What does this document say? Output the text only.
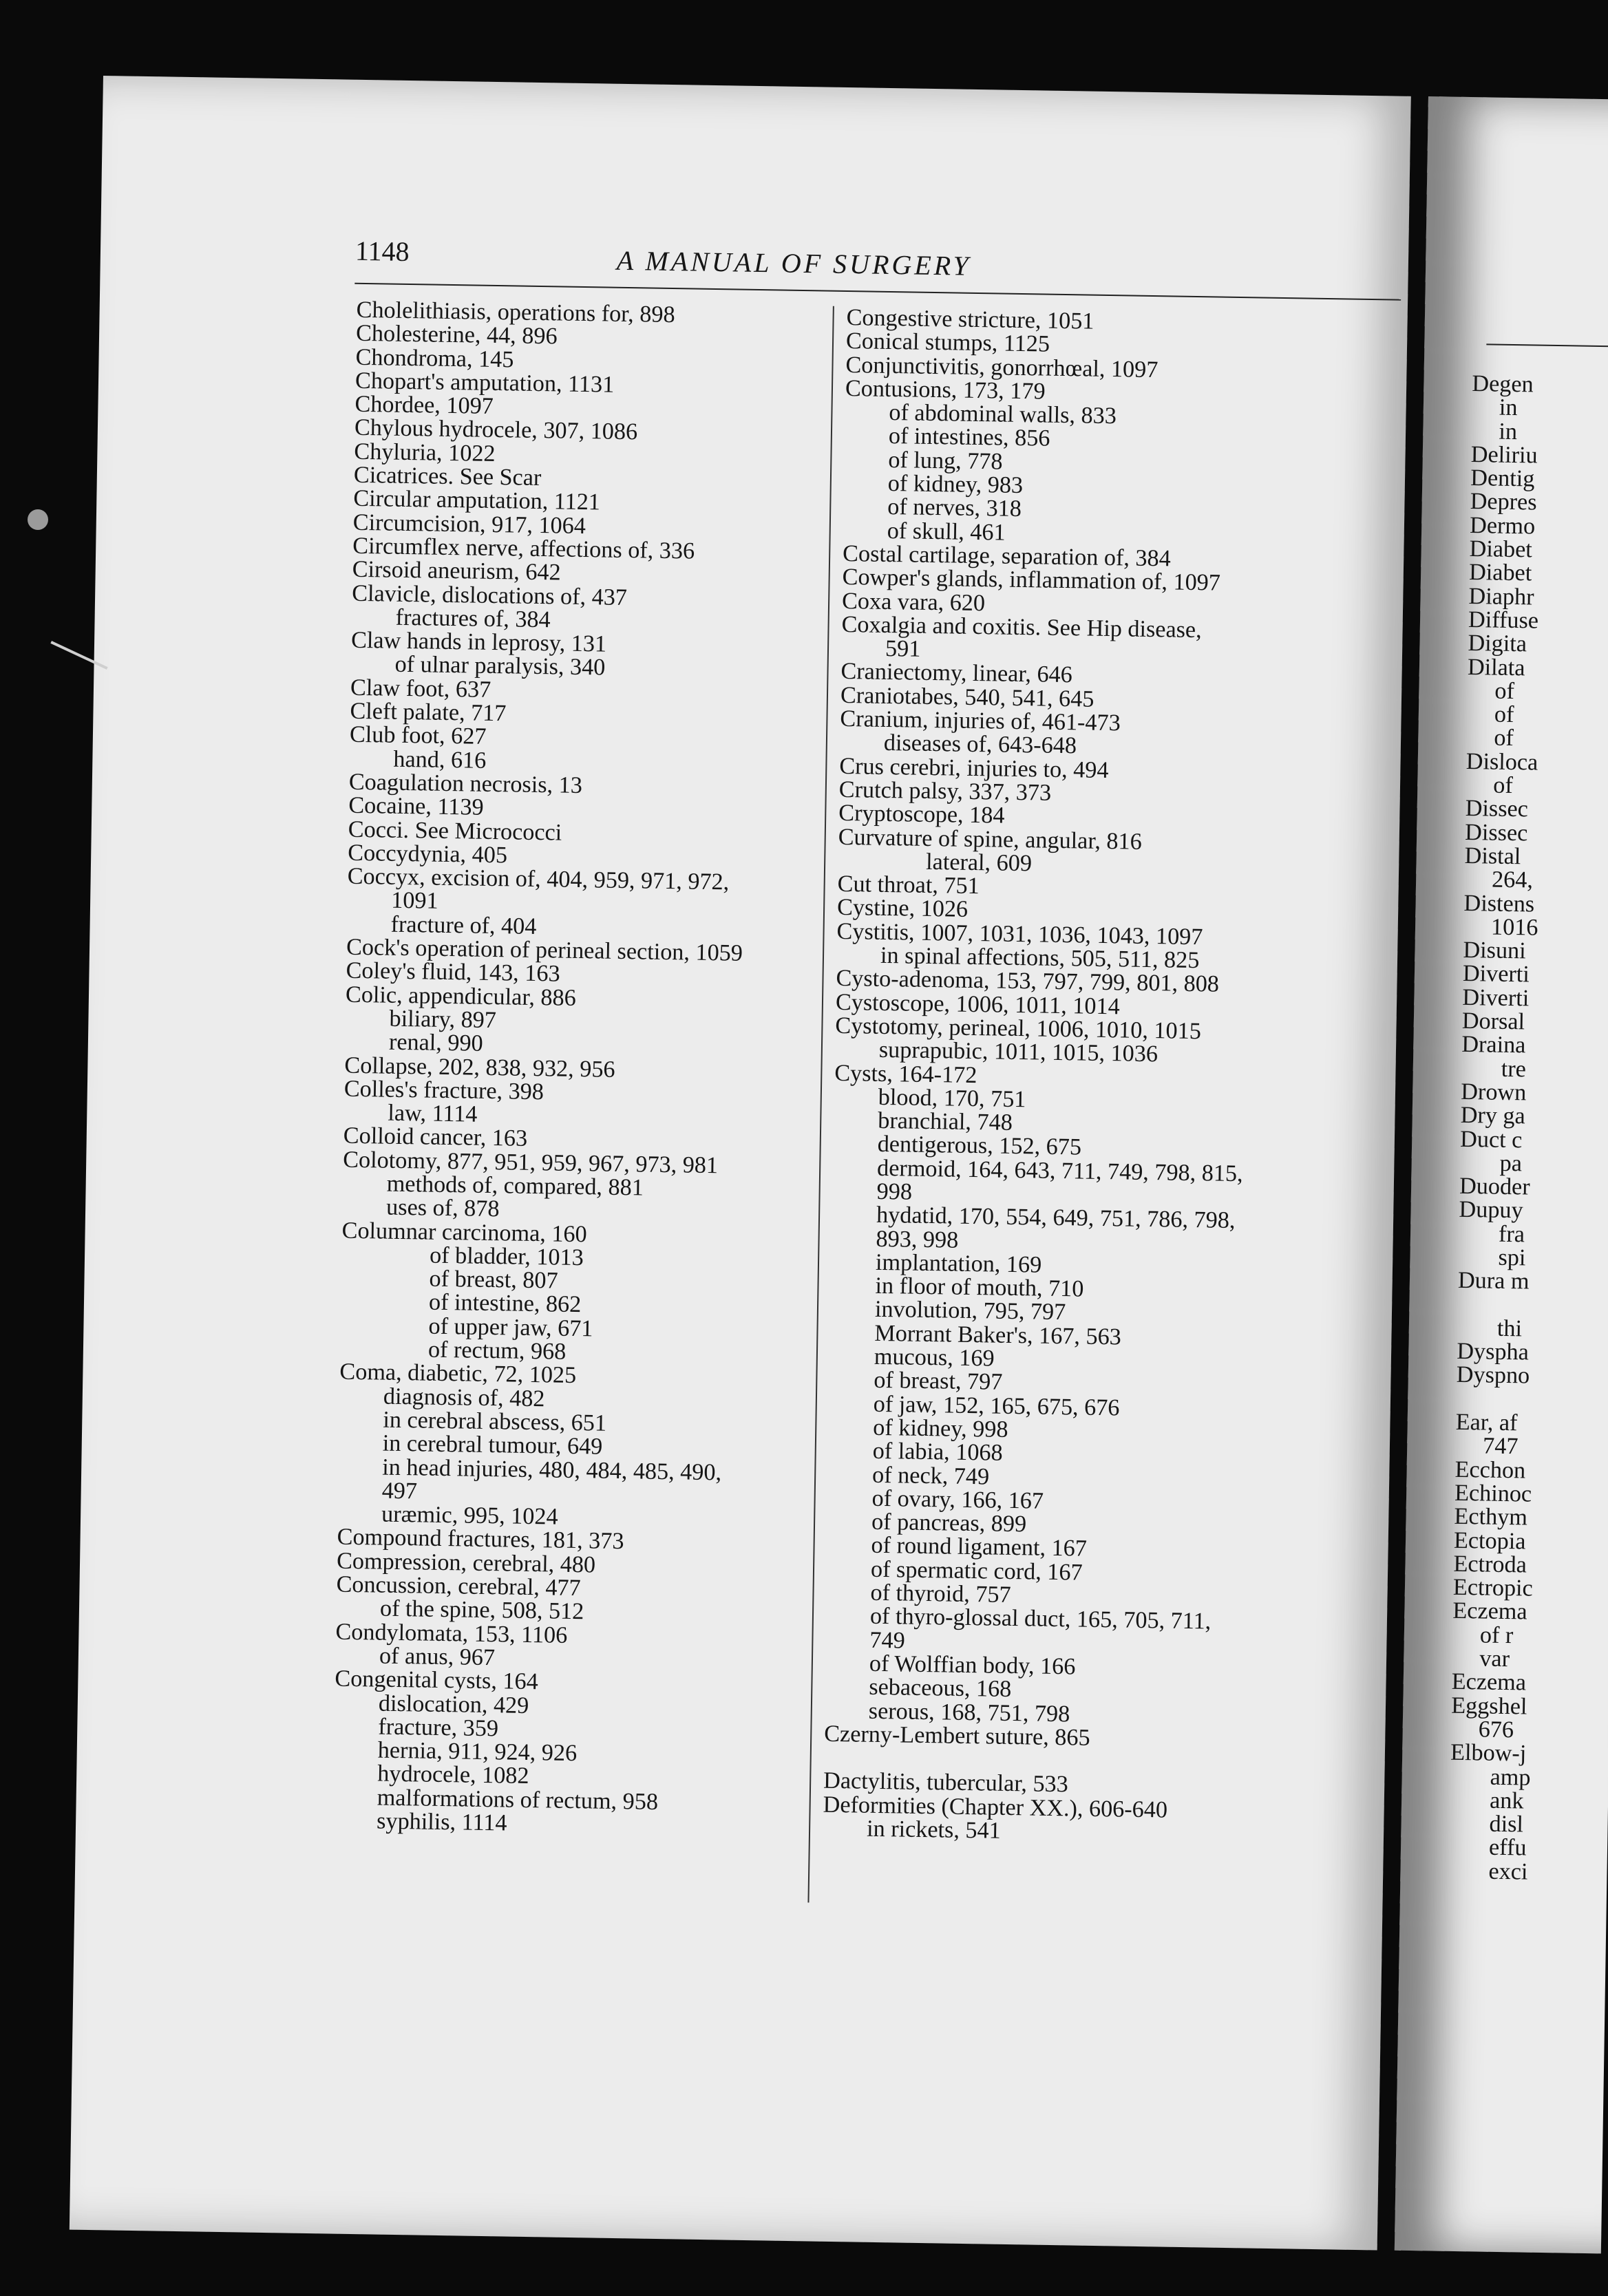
1148	A MANUAL OF SURGERY
Cholelithiasis, operations for, 898
Cholesterine, 44, 896
Chondroma, 145
Chopart's amputation, 1131
Chordee, 1097
Chylous hydrocele, 307, 1086
Chyluria, 1022
Cicatrices. See Scar
Circular amputation, 1121
Circumcision, 917, 1064
Circumflex nerve, affections of, 336
Cirsoid aneurism, 642
Clavicle, dislocations of, 437
fractures of, 384
Claw hands in leprosy, 131
of ulnar paralysis, 340
Claw foot, 637
Cleft palate, 717
Club foot, 627
hand, 616
Coagulation necrosis, 13
Cocaine, 1139
Cocci. See Micrococci
Coccydynia, 405
Coccyx, excision of, 404, 959, 971, 972,
1091
fracture of, 404
Cock's operation of perineal section, 1059
Coley's fluid, 143, 163
Colic, appendicular, 886
biliary, 897
renal, 990
Collapse, 202, 838, 932, 956
Colles's fracture, 398
law, 1114
Colloid cancer, 163
Colotomy, 877, 951, 959, 967, 973, 981
methods of, compared, 881
uses of, 878
Columnar carcinoma, 160
of bladder, 1013
of breast, 807
of intestine, 862
of upper jaw, 671
of rectum, 968
Coma, diabetic, 72, 1025
diagnosis of, 482
in cerebral abscess, 651
in cerebral tumour, 649
in head injuries, 480, 484, 485, 490,
497
uræmic, 995, 1024
Compound fractures, 181, 373
Compression, cerebral, 480
Concussion, cerebral, 477
of the spine, 508, 512
Condylomata, 153, 1106
of anus, 967
Congenital cysts, 164
dislocation, 429
fracture, 359
hernia, 911, 924, 926
hydrocele, 1082
malformations of rectum, 958
syphilis, 1114
Congestive stricture, 1051
Conical stumps, 1125
Conjunctivitis, gonorrhœal, 1097
Contusions, 173, 179
of abdominal walls, 833
of intestines, 856
of lung, 778
of kidney, 983
of nerves, 318
of skull, 461
Costal cartilage, separation of, 384
Cowper's glands, inflammation of, 1097
Coxa vara, 620
Coxalgia and coxitis. See Hip disease,
591
Craniectomy, linear, 646
Craniotabes, 540, 541, 645
Cranium, injuries of, 461-473
diseases of, 643-648
Crus cerebri, injuries to, 494
Crutch palsy, 337, 373
Cryptoscope, 184
Curvature of spine, angular, 816
lateral, 609
Cut throat, 751
Cystine, 1026
Cystitis, 1007, 1031, 1036, 1043, 1097
in spinal affections, 505, 511, 825
Cysto-adenoma, 153, 797, 799, 801, 808
Cystoscope, 1006, 1011, 1014
Cystotomy, perineal, 1006, 1010, 1015
suprapubic, 1011, 1015, 1036
Cysts, 164-172
blood, 170, 751
branchial, 748
dentigerous, 152, 675
dermoid, 164, 643, 711, 749, 798, 815,
998
hydatid, 170, 554, 649, 751, 786, 798,
893, 998
implantation, 169
in floor of mouth, 710
involution, 795, 797
Morrant Baker's, 167, 563
mucous, 169
of breast, 797
of jaw, 152, 165, 675, 676
of kidney, 998
of labia, 1068
of neck, 749
of ovary, 166, 167
of pancreas, 899
of round ligament, 167
of spermatic cord, 167
of thyroid, 757
of thyro-glossal duct, 165, 705, 711,
749
of Wolffian body, 166
sebaceous, 168
serous, 168, 751, 798
Czerny-Lembert suture, 865
Dactylitis, tubercular, 533
Deformities (Chapter XX.), 606-640
in rickets, 541
Degen
in
in
Deliriu
Dentig
Depres
Dermo
Diabet
Diabet
Diaphr
Diffuse
Digita
Dilata
of
of
of
Disloca
of
Dissec
Dissec
Distal
264,
Distens
1016
Disuni
Diverti
Diverti
Dorsal
Draina
tre
Drown
Dry ga
Duct c
pa
Duoder
Dupuy
fra
spi
Dura m
thi
Dyspha
Dyspno
Ear, af
747
Ecchon
Echinoc
Ecthym
Ectopia
Ectroda
Ectropic
Eczema
of r
var
Eczema
Eggshel
676
Elbow-j
amp
ank
disl
effu
exci
